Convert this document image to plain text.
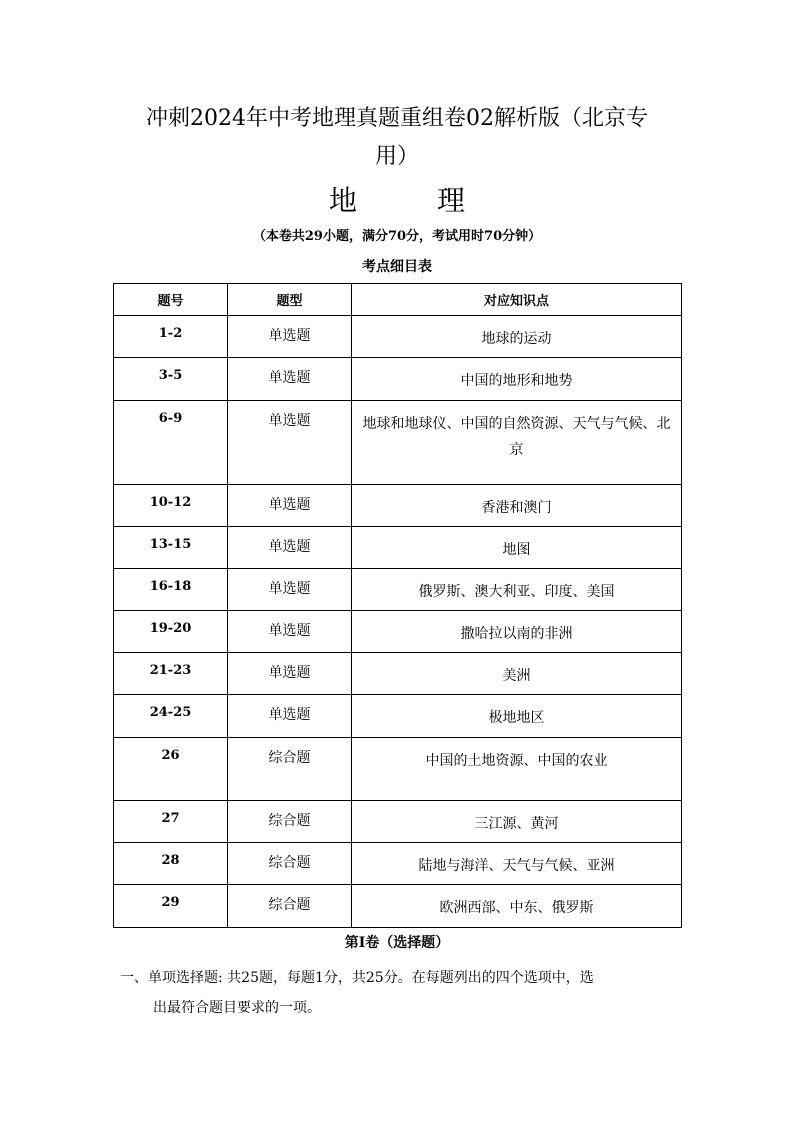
冲刺2024年中考地理真题重组卷02解析版（北京专
用）
地	理
（本卷共29小题，满分70分，考试用时70分钟）
考点细目表
题号	题型	对应知识点
1-2	单选题	地球的运动
3-5	单选题	中国的地形和地势
6-9	单选题	地球和地球仪、中国的自然资源、天气与气候、北京
10-12	单选题	香港和澳门
13-15	单选题	地图
16-18	单选题	俄罗斯、澳大利亚、印度、美国
19-20	单选题	撒哈拉以南的非洲
21-23	单选题	美洲
24-25	单选题	极地地区
26	综合题	中国的土地资源、中国的农业
27	综合题	三江源、黄河
28	综合题	陆地与海洋、天气与气候、亚洲
29	综合题	欧洲西部、中东、俄罗斯
第I卷（选择题）
一、单项选择题: 共25题，每题1分，共25分。在每题列出的四个选项中，选
出最符合题目要求的一项。
